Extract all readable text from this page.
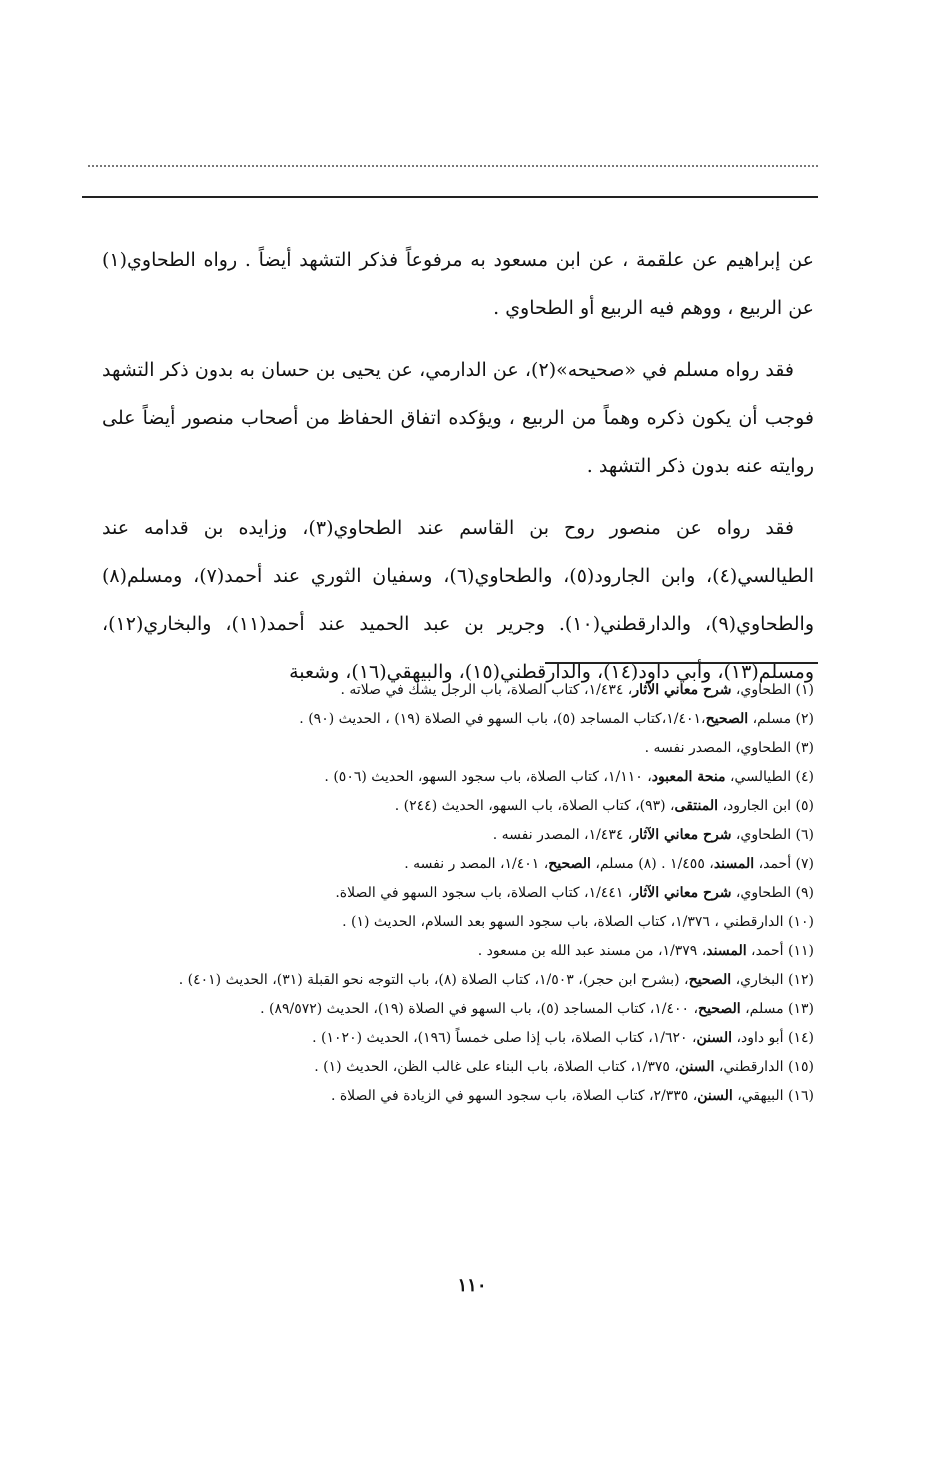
عن إبراهيم عن علقمة ، عن ابن مسعود به مرفوعاً فذكر التشهد أيضاً . رواه الطحاوي(١) عن الربيع ، ووهم فيه الربيع أو الطحاوي .

فقد رواه مسلم في «صحيحه»(٢)، عن الدارمي، عن يحيى بن حسان به بدون ذكر التشهد فوجب أن يكون ذكره وهماً من الربيع ، ويؤكده اتفاق الحفاظ من أصحاب منصور أيضاً على روايته عنه بدون ذكر التشهد .

فقد رواه عن منصور روح بن القاسم عند الطحاوي(٣)، وزايده بن قدامه عند الطيالسي(٤)، وابن الجارود(٥)، والطحاوي(٦)، وسفيان الثوري عند أحمد(٧)، ومسلم(٨) والطحاوي(٩)، والدارقطني(١٠). وجرير بن عبد الحميد عند أحمد(١١)، والبخاري(١٢)، ومسلم(١٣)، وأبي داود(١٤)، والدارقطني(١٥)، والبيهقي(١٦)، وشعبة

(١) الطحاوي، شرح معاني الآثار، ١/٤٣٤، كتاب الصلاة، باب الرجل يشك في صلاته .

(٢) مسلم، الصحيح،١/٤٠١،كتاب المساجد (٥)، باب السهو في الصلاة (١٩) ، الحديث (٩٠) .

(٣) الطحاوي، المصدر نفسه .

(٤) الطيالسي، منحة المعبود، ١/١١٠، كتاب الصلاة، باب سجود السهو، الحديث (٥٠٦) .

(٥) ابن الجارود، المنتقى، (٩٣)، كتاب الصلاة، باب السهو، الحديث (٢٤٤) .

(٦) الطحاوي، شرح معاني الآثار، ١/٤٣٤، المصدر نفسه .

(٧) أحمد، المسند، ١/٤٥٥ . (٨) مسلم، الصحيح، ١/٤٠١، المصد ر نفسه .

(٩) الطحاوي، شرح معاني الآثار، ١/٤٤١، كتاب الصلاة، باب سجود السهو في الصلاة.

(١٠) الدارقطني ، ١/٣٧٦، كتاب الصلاة، باب سجود السهو بعد السلام، الحديث (١) .

(١١) أحمد، المسند، ١/٣٧٩، من مسند عبد الله بن مسعود .

(١٢) البخاري، الصحيح، (بشرح ابن حجر)، ١/٥٠٣، كتاب الصلاة (٨)، باب التوجه نحو القبلة (٣١)، الحديث (٤٠١) .

(١٣) مسلم، الصحيح، ١/٤٠٠، كتاب المساجد (٥)، باب السهو في الصلاة (١٩)، الحديث (٨٩/٥٧٢) .

(١٤) أبو داود، السنن، ١/٦٢٠، كتاب الصلاة، باب إذا صلى خمساً (١٩٦)، الحديث (١٠٢٠) .

(١٥) الدارقطني، السنن، ١/٣٧٥، كتاب الصلاة، باب البناء على غالب الظن، الحديث (١) .

(١٦) البيهقي، السنن، ٢/٣٣٥، كتاب الصلاة، باب سجود السهو في الزيادة في الصلاة .

١١٠
